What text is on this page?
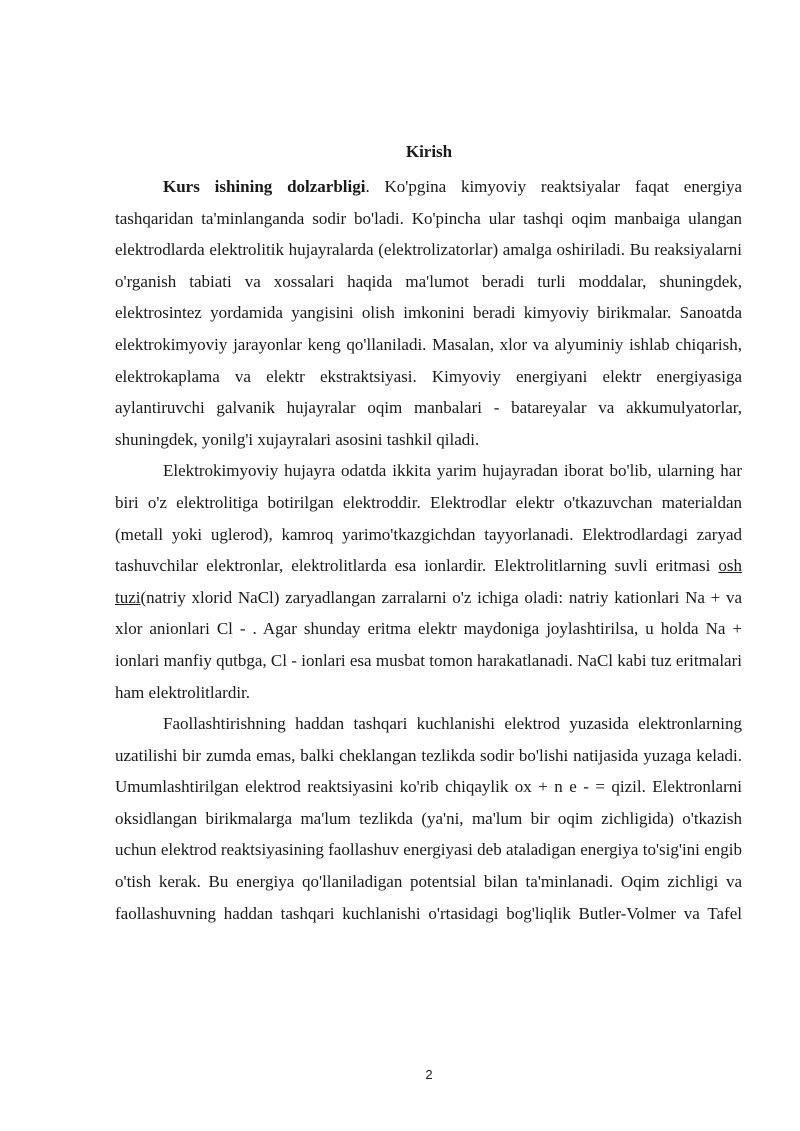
Kirish

Kurs ishining dolzarbligi. Ko'pgina kimyoviy reaktsiyalar faqat energiya tashqaridan ta'minlanganda sodir bo'ladi. Ko'pincha ular tashqi oqim manbaiga ulangan elektrodlarda elektrolitik hujayralarda (elektrolizatorlar) amalga oshiriladi. Bu reaksiyalarni o'rganish tabiati va xossalari haqida ma'lumot beradi turli moddalar, shuningdek, elektrosintez yordamida yangisini olish imkonini beradi kimyoviy birikmalar. Sanoatda elektrokimyoviy jarayonlar keng qo'llaniladi. Masalan, xlor va alyuminiy ishlab chiqarish, elektrokaplama va elektr ekstraktsiyasi. Kimyoviy energiyani elektr energiyasiga aylantiruvchi galvanik hujayralar oqim manbalari - batareyalar va akkumulyatorlar, shuningdek, yonilg'i xujayralari asosini tashkil qiladi.

Elektrokimyoviy hujayra odatda ikkita yarim hujayradan iborat bo'lib, ularning har biri o'z elektrolitiga botirilgan elektroddir. Elektrodlar elektr o'tkazuvchan materialdan (metall yoki uglerod), kamroq yarimo'tkazgichdan tayyorlanadi. Elektrodlardagi zaryad tashuvchilar elektronlar, elektrolitlarda esa ionlardir. Elektrolitlarning suvli eritmasi osh tuzi(natriy xlorid NaCl) zaryadlangan zarralarni o'z ichiga oladi: natriy kationlari Na + va xlor anionlari Cl - . Agar shunday eritma elektr maydoniga joylashtirilsa, u holda Na + ionlari manfiy qutbga, Cl - ionlari esa musbat tomon harakatlanadi. NaCl kabi tuz eritmalari ham elektrolitlardir.

Faollashtirishning haddan tashqari kuchlanishi elektrod yuzasida elektronlarning uzatilishi bir zumda emas, balki cheklangan tezlikda sodir bo'lishi natijasida yuzaga keladi. Umumlashtirilgan elektrod reaktsiyasini ko'rib chiqaylik ox + n e - = qizil. Elektronlarni oksidlangan birikmalarga ma'lum tezlikda (ya'ni, ma'lum bir oqim zichligida) o'tkazish uchun elektrod reaktsiyasining faollashuv energiyasi deb ataladigan energiya to'sig'ini engib o'tish kerak. Bu energiya qo'llaniladigan potentsial bilan ta'minlanadi. Oqim zichligi va faollashuvning haddan tashqari kuchlanishi o'rtasidagi bog'liqlik Butler-Volmer va Tafel

2
